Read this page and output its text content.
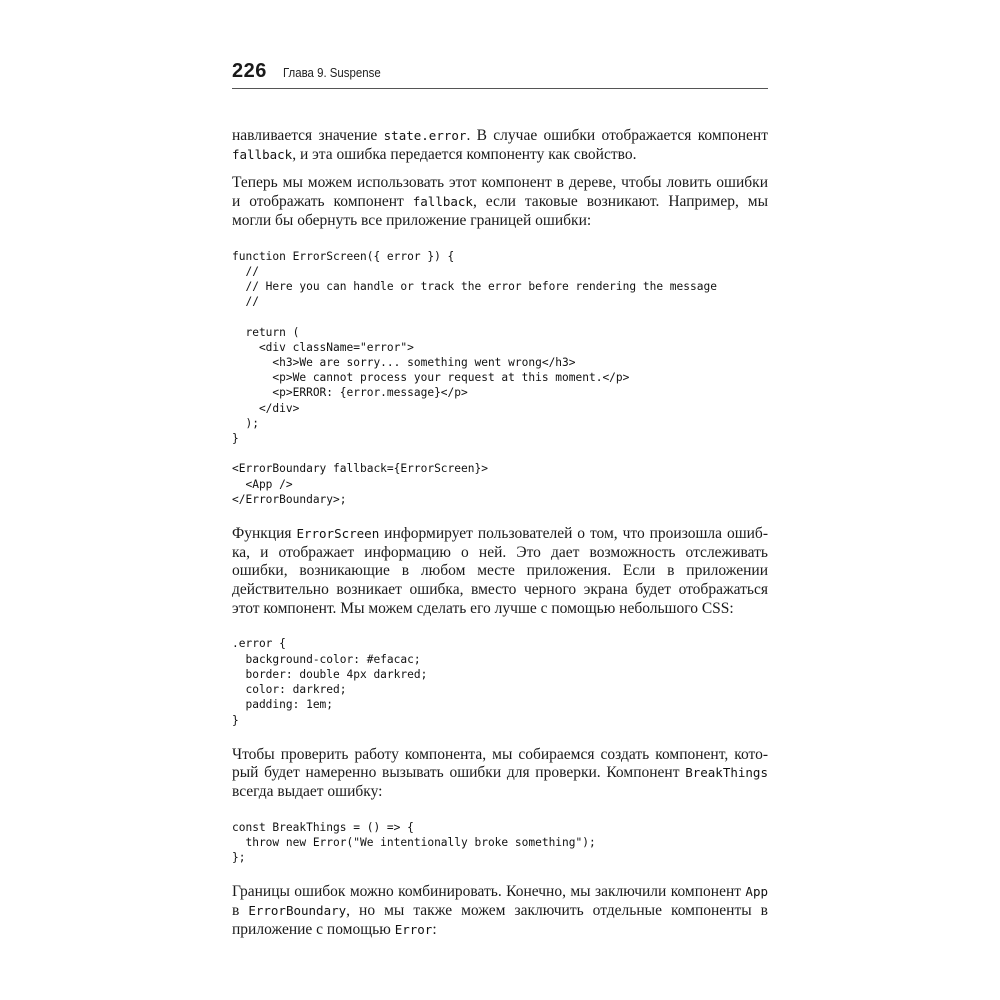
226 Глава 9. Suspense

навливается значение state.error. В случае ошибки отображается компонент fallback, и эта ошибка передается компоненту как свойство.

Теперь мы можем использовать этот компонент в дереве, чтобы ловить ошибки и отображать компонент fallback, если таковые возникают. Например, мы могли бы обернуть все приложение границей ошибки:

function ErrorScreen({ error }) {
//
// Here you can handle or track the error before rendering the message
//

return (
<div className="error">
<h3>We are sorry... something went wrong</h3>
<p>We cannot process your request at this moment.</p>
<p>ERROR: {error.message}</p>
</div>
);
}

<ErrorBoundary fallback={ErrorScreen}>
<App />
</ErrorBoundary>;

Функция ErrorScreen информирует пользователей о том, что произошла ошибка, и отображает информацию о ней. Это дает возможность отслеживать ошибки, возникающие в любом месте приложения. Если в приложении действительно возникает ошибка, вместо черного экрана будет отображаться этот компонент. Мы можем сделать его лучше с помощью небольшого CSS:

.error {
background-color: #efacac;
border: double 4px darkred;
color: darkred;
padding: 1em;
}

Чтобы проверить работу компонента, мы собираемся создать компонент, который будет намеренно вызывать ошибки для проверки. Компонент BreakThings всегда выдает ошибку:

const BreakThings = () => {
throw new Error("We intentionally broke something");
};

Границы ошибок можно комбинировать. Конечно, мы заключили компонент App в ErrorBoundary, но мы также можем заключить отдельные компоненты в приложение с помощью Error:
